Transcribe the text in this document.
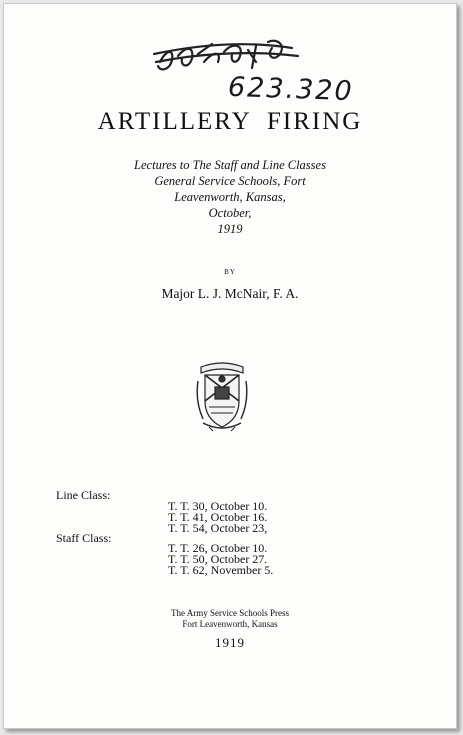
623.320
ARTILLERY FIRING
Lectures to The Staff and Line Classes
General Service Schools, Fort
Leavenworth, Kansas,
October,
1919
BY
Major L. J. McNair, F. A.
Line Class:
T. T. 30, October 10.
T. T. 41, October 16.
T. T. 54, October 23,
Staff Class:
T. T. 26, October 10.
T. T. 50, October 27.
T. T. 62, November 5.
The Army Service Schools Press
Fort Leavenworth, Kansas
1919
